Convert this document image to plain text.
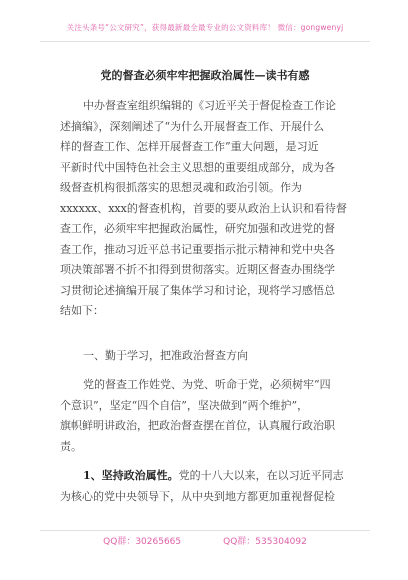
关注头条号“公文研究”，获得最新最全最专业的公文资料库！ 微信：gongwenyj
党的督查必须牢牢把握政治属性—读书有感
中办督查室组织编辑的《习近平关于督促检查工作论
述摘编》，深刻阐述了“为什么开展督查工作、开展什么
样的督查工作、怎样开展督查工作”重大问题，是习近
平新时代中国特色社会主义思想的重要组成部分，成为各
级督查机构很抓落实的思想灵魂和政治引领。作为
xxxxxx、xxx的督查机构，首要的要从政治上认识和看待督
查工作，必须牢牢把握政治属性，研究加强和改进党的督
查工作，推动习近平总书记重要指示批示精神和党中央各
项决策部署不折不扣得到贯彻落实。近期区督查办围绕学
习贯彻论述摘编开展了集体学习和讨论，现将学习感悟总
结如下：
一、勤于学习，把准政治督查方向
党的督查工作姓党、为党、听命于党，必须树牢“四
个意识”，坚定“四个自信”，坚决做到“两个维护”，
旗帜鲜明讲政治，把政治督查摆在首位，认真履行政治职
责。
1、坚持政治属性。党的十八大以来，在以习近平同志
为核心的党中央领导下，从中央到地方都更加重视督促检
QQ群：30265665	QQ群：535304092
